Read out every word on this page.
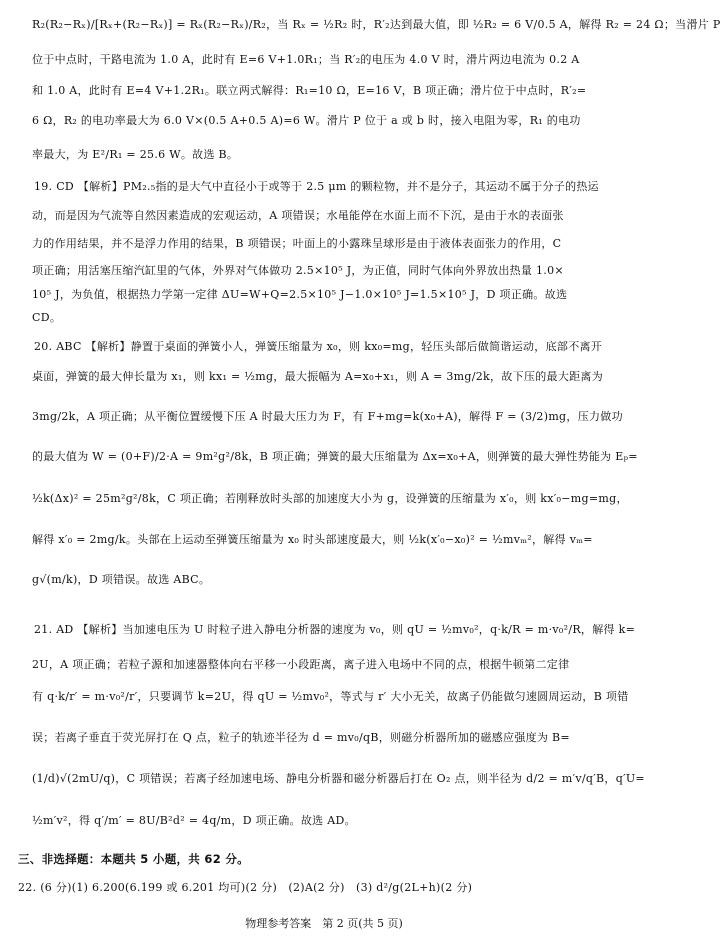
R₂(R₂−Rₓ)/[Rₓ+(R₂−Rₓ)] = Rₓ(R₂−Rₓ)/R₂，当 Rₓ = ½R₂ 时，R′₂达到最大值，即 ½R₂ = 6 V/0.5 A，解得 R₂ = 24 Ω；当滑片 P
位于中点时，干路电流为 1.0 A，此时有 E=6 V+1.0R₁；当 R′₂的电压为 4.0 V 时，滑片两边电流为 0.2 A
和 1.0 A，此时有 E=4 V+1.2R₁。联立两式解得：R₁=10 Ω，E=16 V，B 项正确；滑片位于中点时，R′₂=
6 Ω，R₂ 的电功率最大为 6.0 V×(0.5 A+0.5 A)=6 W。滑片 P 位于 a 或 b 时，接入电阻为零，R₁ 的电功
率最大，为 E²/R₁ = 25.6 W。故选 B。
19. CD 【解析】PM₂.₅指的是大气中直径小于或等于 2.5 μm 的颗粒物，并不是分子，其运动不属于分子的热运
动，而是因为气流等自然因素造成的宏观运动，A 项错误；水黾能停在水面上而不下沉，是由于水的表面张
力的作用结果，并不是浮力作用的结果，B 项错误；叶面上的小露珠呈球形是由于液体表面张力的作用，C
项正确；用活塞压缩汽缸里的气体，外界对气体做功 2.5×10⁵ J，为正值，同时气体向外界放出热量 1.0×
10⁵ J，为负值，根据热力学第一定律 ΔU=W+Q=2.5×10⁵ J−1.0×10⁵ J=1.5×10⁵ J，D 项正确。故选
CD。
20. ABC 【解析】静置于桌面的弹簧小人，弹簧压缩量为 x₀，则 kx₀=mg，轻压头部后做简谐运动，底部不离开
桌面，弹簧的最大伸长量为 x₁，则 kx₁ = ½mg，最大振幅为 A=x₀+x₁，则 A = 3mg/2k，故下压的最大距离为
3mg/2k，A 项正确；从平衡位置缓慢下压 A 时最大压力为 F，有 F+mg=k(x₀+A)，解得 F = (3/2)mg，压力做功
的最大值为 W = (0+F)/2·A = 9m²g²/8k，B 项正确；弹簧的最大压缩量为 Δx=x₀+A，则弹簧的最大弹性势能为 Eₚ=
½k(Δx)² = 25m²g²/8k，C 项正确；若刚释放时头部的加速度大小为 g，设弹簧的压缩量为 x′₀，则 kx′₀−mg=mg，
解得 x′₀ = 2mg/k。头部在上运动至弹簧压缩量为 x₀ 时头部速度最大，则 ½k(x′₀−x₀)² = ½mvₘ²，解得 vₘ=
g√(m/k)，D 项错误。故选 ABC。
21. AD 【解析】当加速电压为 U 时粒子进入静电分析器的速度为 v₀，则 qU = ½mv₀²，q·k/R = m·v₀²/R，解得 k=
2U，A 项正确；若粒子源和加速器整体向右平移一小段距离，离子进入电场中不同的点，根据牛顿第二定律
有 q·k/r′ = m·v₀²/r′，只要调节 k=2U，得 qU = ½mv₀²，等式与 r′ 大小无关，故离子仍能做匀速圆周运动，B 项错
误；若离子垂直于荧光屏打在 Q 点，粒子的轨迹半径为 d = mv₀/qB，则磁分析器所加的磁感应强度为 B=
(1/d)√(2mU/q)，C 项错误；若离子经加速电场、静电分析器和磁分析器后打在 O₂ 点，则半径为 d/2 = m′v/q′B，q′U=
½m′v²，得 q′/m′ = 8U/B²d² = 4q/m，D 项正确。故选 AD。
三、非选择题：本题共 5 小题，共 62 分。
22. (6 分)(1) 6.200(6.199 或 6.201 均可)(2 分)　(2)A(2 分)　(3) d²/g(2L+h)(2 分)
物理参考答案　第 2 页(共 5 页)
